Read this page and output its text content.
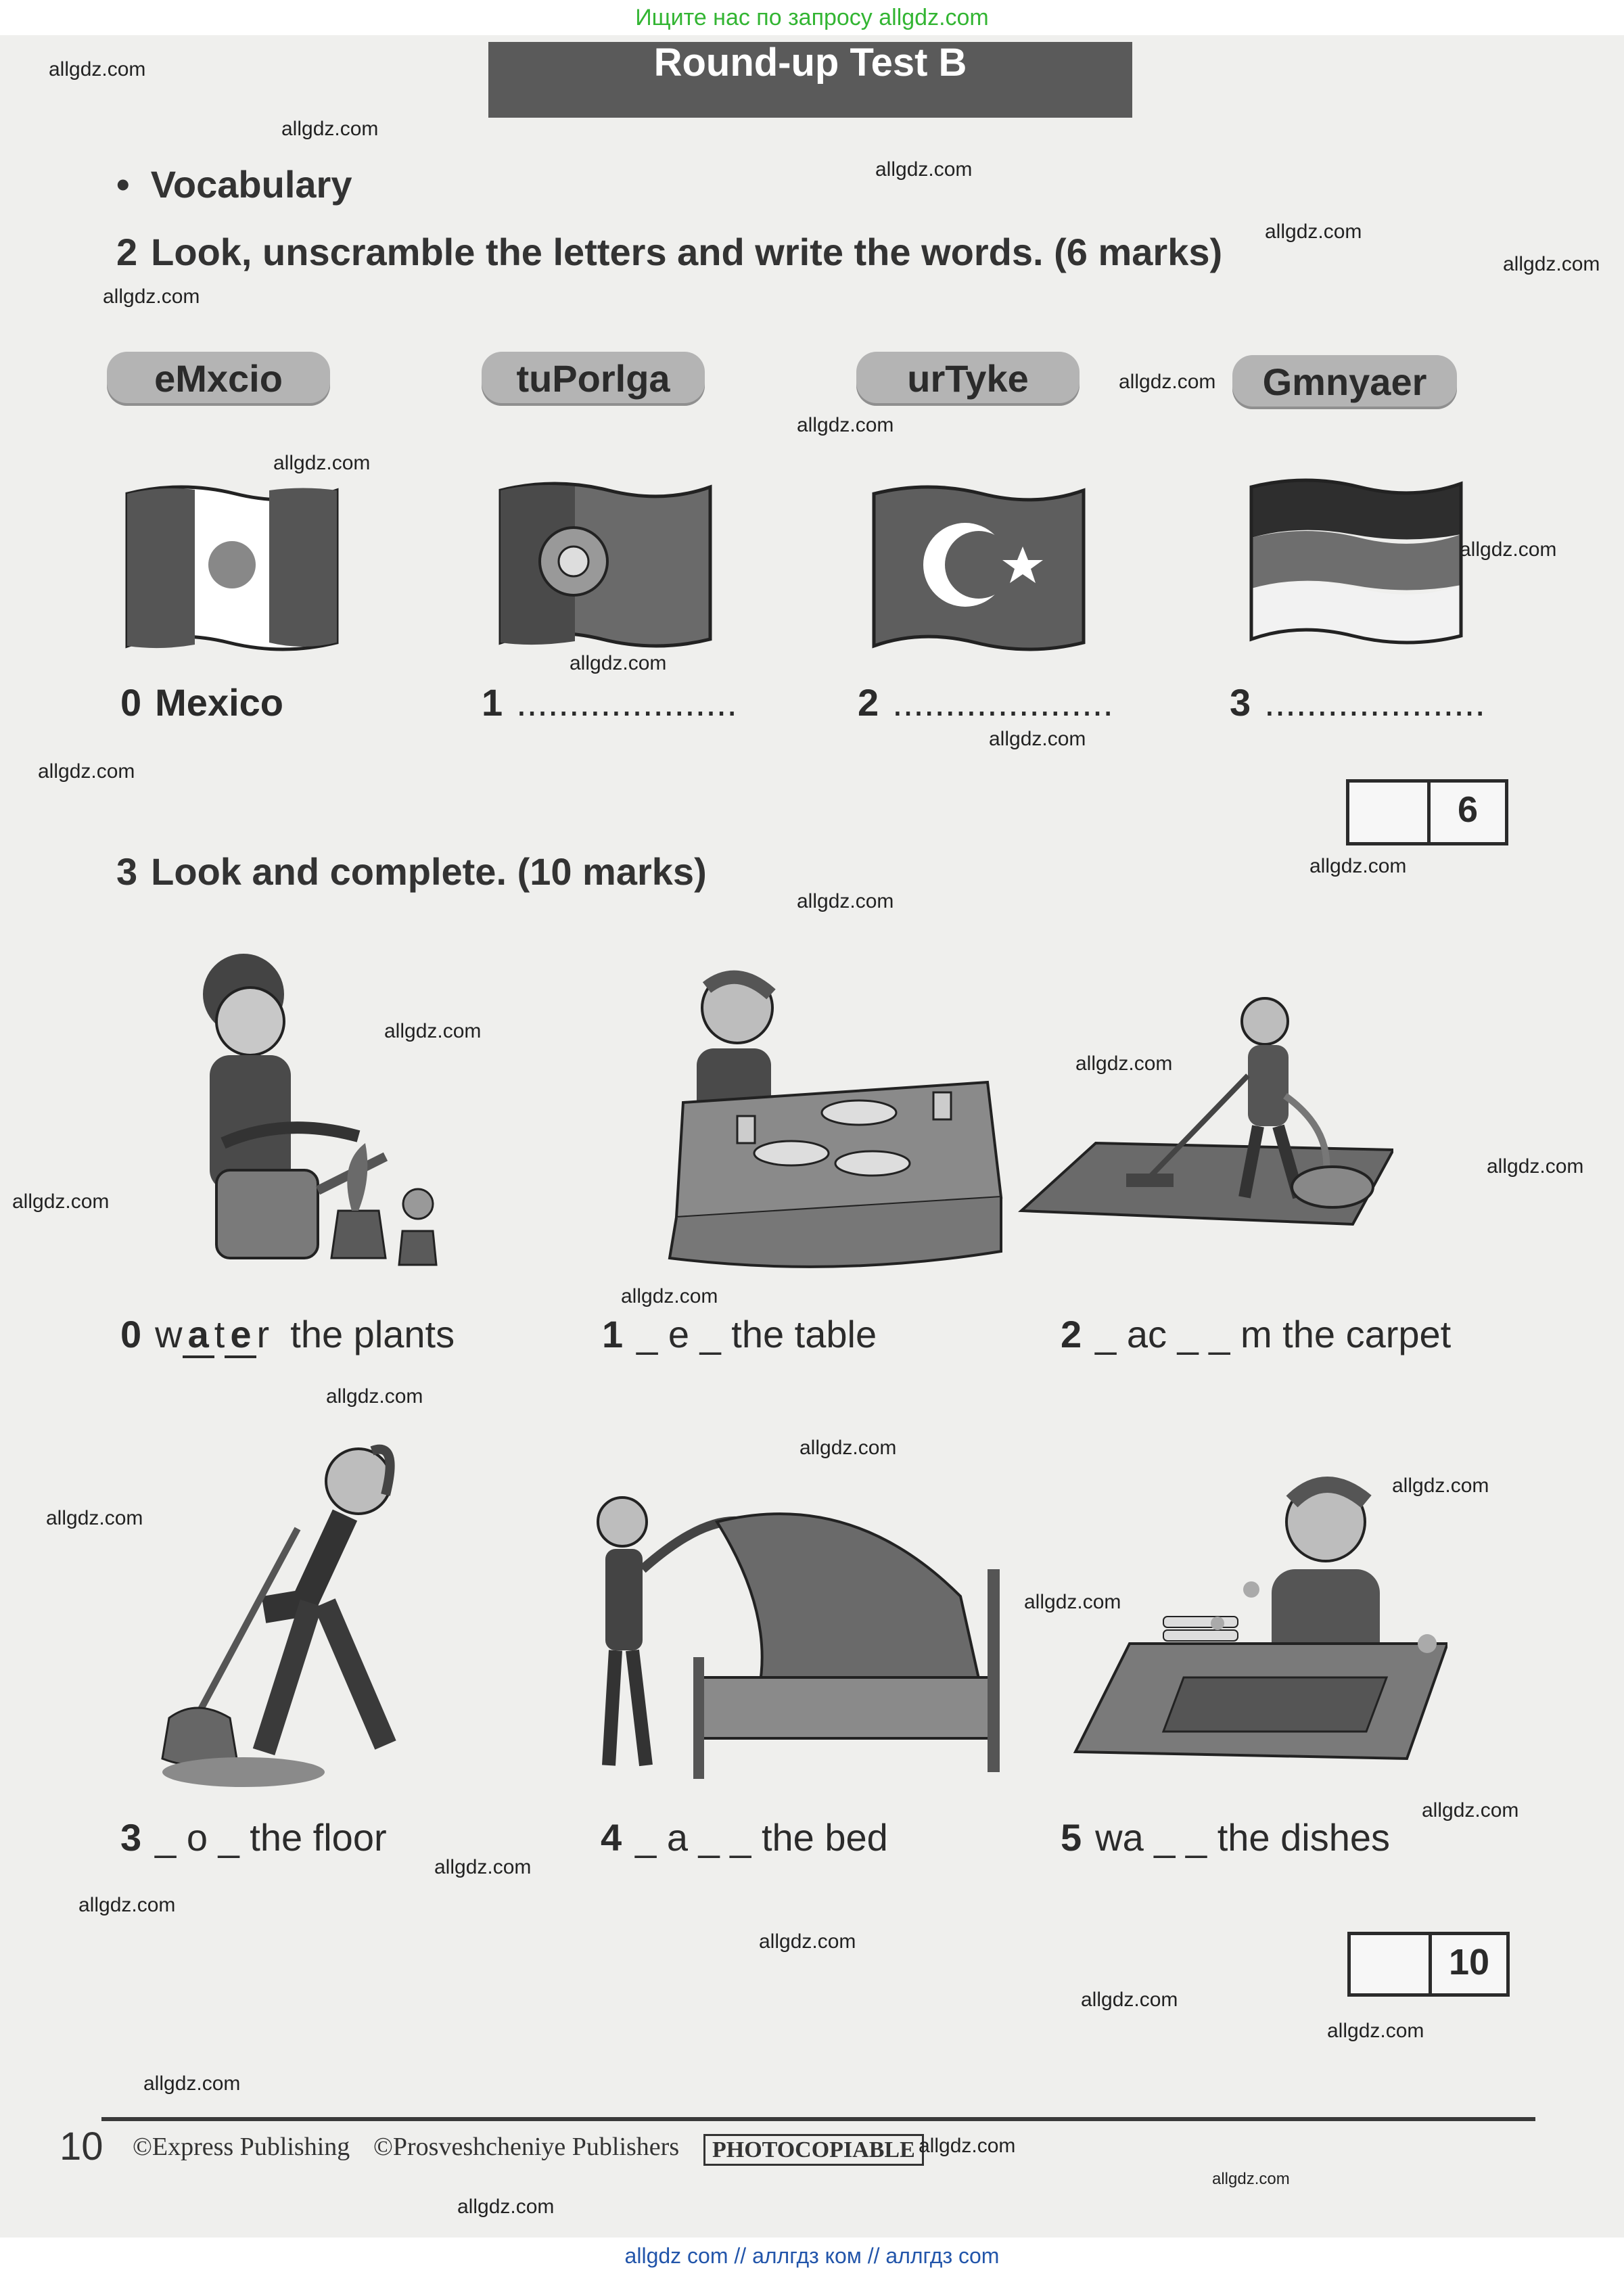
Ищите нас по запросу allgdz.com
Round-up Test B
•  Vocabulary
2 Look, unscramble the letters and write the words. (6 marks)
eMxcio	tuPorlga	urTyke	Gmnyaer
0 Mexico	1 .....................	2 .....................	3 .....................
6
3 Look and complete. (10 marks)
0 w a t e r the plants	1 _ e _ the table	2 _ ac _ _ m the carpet
3 _ o _ the floor	4 _ a _ _ the bed	5 wa _ _ the dishes
10
10 ©Express Publishing ©Prosveshcheniye Publishers	PHOTOCOPIABLE
allgdz.com
allgdz.com
allgdz.com
allgdz.com
allgdz.com
allgdz.com
allgdz.com
allgdz.com
allgdz.com
allgdz.com
allgdz.com
allgdz.com
allgdz.com
allgdz.com
allgdz.com
allgdz.com
allgdz.com
allgdz.com
allgdz.com
allgdz.com
allgdz.com
allgdz.com
allgdz.com
allgdz.com
allgdz.com
allgdz.com
allgdz.com
allgdz.com
allgdz.com
allgdz.com
allgdz.com
allgdz.com
allgdz.com
allgdz.com
allgdz.com
allgdz com // аллгдз ком // аллгдз com
